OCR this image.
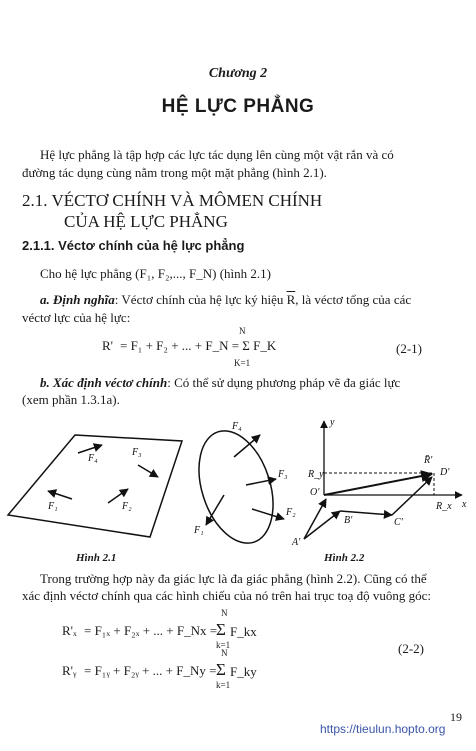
Chương 2
HỆ LỰC PHẲNG
Hệ lực phẳng là tập hợp các lực tác dụng lên cùng một vật rắn và có
đường tác dụng cùng nằm trong một mặt phẳng (hình 2.1).
2.1. VÉCTƠ CHÍNH VÀ MÔMEN CHÍNH
CỦA HỆ LỰC PHẲNG
2.1.1. Véctơ chính của hệ lực phẳng
Cho hệ lực phẳng (F₁, F₂,..., F_N) (hình 2.1)
a. Định nghĩa: Véctơ chính của hệ lực ký hiệu $\overline{R}$, là véctơ tổng của các
véctơ lực của hệ lực:
R' = F₁ + F₂ + ... + F_N = Σ F_K
N
K=1
(2-1)
b. Xác định véctơ chính: Có thể sử dụng phương pháp vẽ đa giác lực
(xem phần 1.3.1a).
F₄
F₃
F₁	F₂
F₄
F₃
F₁
F₂
y
x
R̄'
D'
R_y
O'
R_x
B'	C'
A'
Hình 2.1	Hình 2.2
Trong trường hợp này đa giác lực là đa giác phẳng (hình 2.2). Cũng có thể
xác định véctơ chính qua các hình chiếu của nó trên hai trục toạ độ vuông góc:
R'ₓ = F₁ₓ + F₂ₓ + ... + F_Nx =
N
Σ
k=1
F_kx
R'ᵧ = F₁ᵧ + F₂ᵧ + ... + F_Ny =
N
Σ
k=1
F_ky
(2-2)
https://tieulun.hopto.org
19
